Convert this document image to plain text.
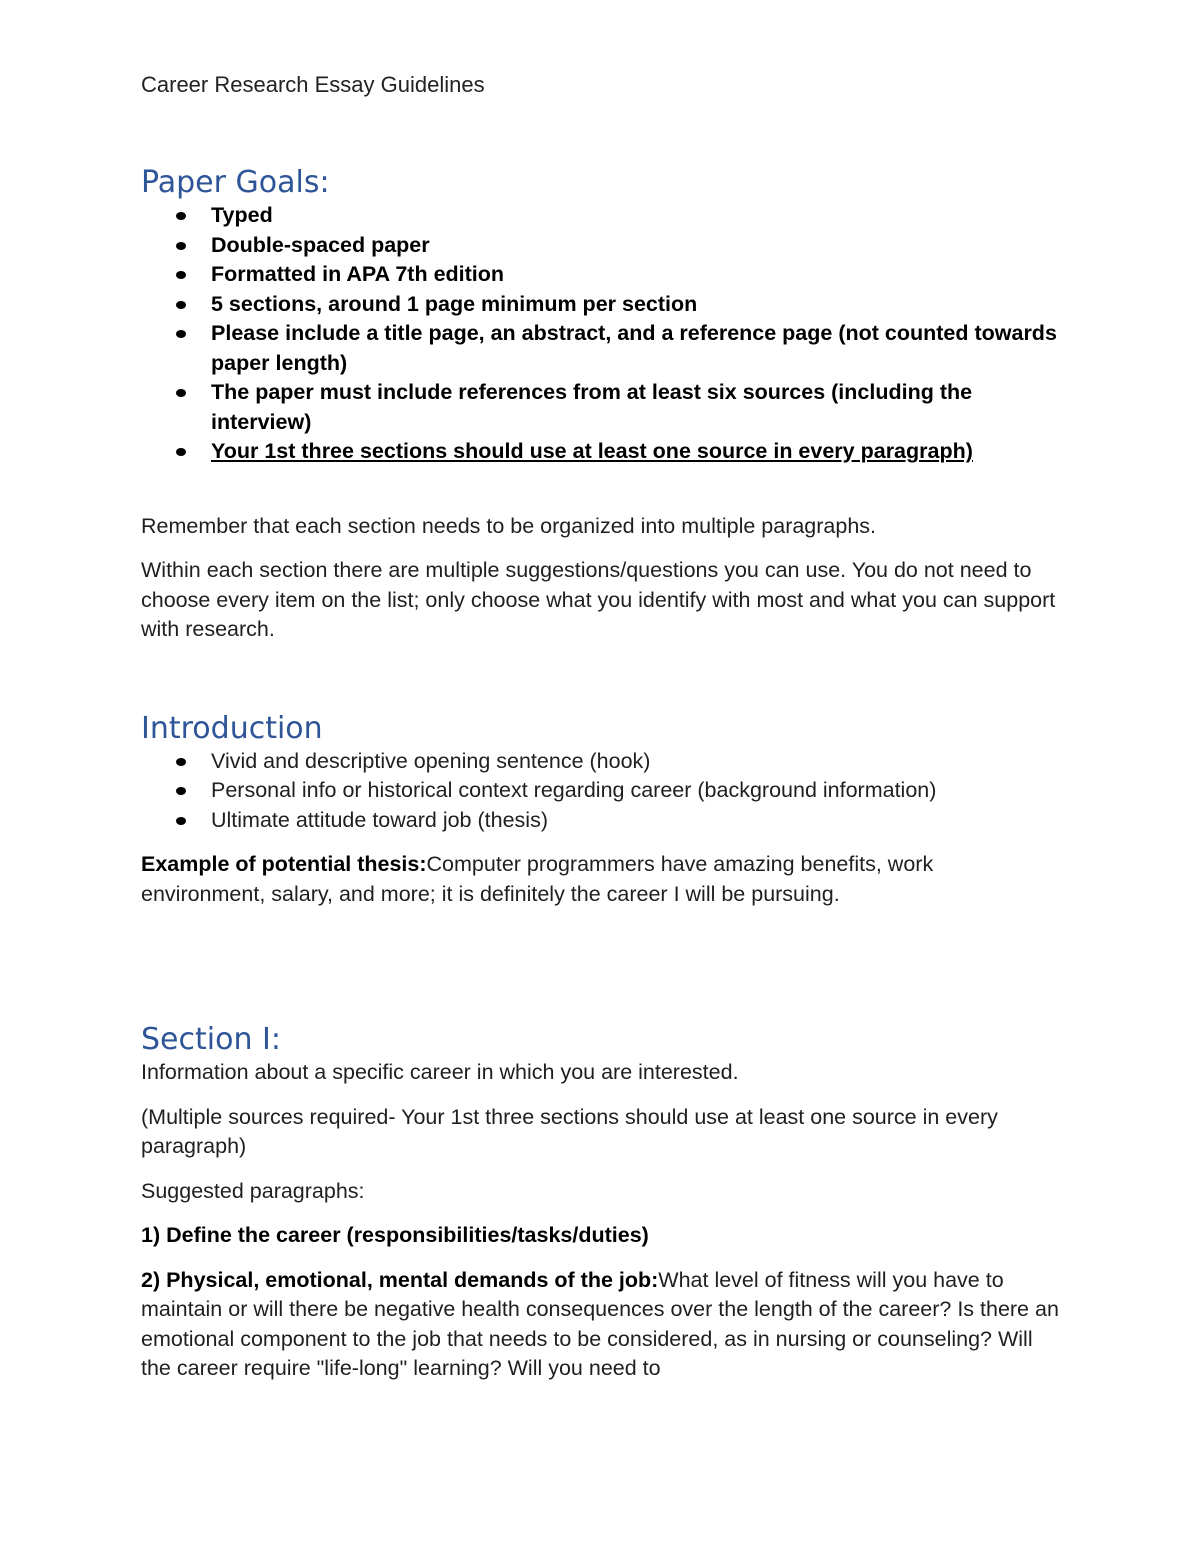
Career Research Essay Guidelines

Paper Goals:
Typed
Double-spaced paper
Formatted in APA 7th edition
5 sections, around 1 page minimum per section
Please include a title page, an abstract, and a reference page (not counted towards paper length)
The paper must include references from at least six sources (including the interview)
Your 1st three sections should use at least one source in every paragraph)

Remember that each section needs to be organized into multiple paragraphs.

Within each section there are multiple suggestions/questions you can use. You do not need to choose every item on the list; only choose what you identify with most and what you can support with research.

Introduction
Vivid and descriptive opening sentence (hook)
Personal info or historical context regarding career (background information)
Ultimate attitude toward job (thesis)

Example of potential thesis:Computer programmers have amazing benefits, work environment, salary, and more; it is definitely the career I will be pursuing.

Section I:

Information about a specific career in which you are interested.

(Multiple sources required- Your 1st three sections should use at least one source in every paragraph)

Suggested paragraphs:

1) Define the career (responsibilities/tasks/duties)

2) Physical, emotional, mental demands of the job:What level of fitness will you have to maintain or will there be negative health consequences over the length of the career? Is there an emotional component to the job that needs to be considered, as in nursing or counseling? Will the career require "life-long" learning? Will you need to
